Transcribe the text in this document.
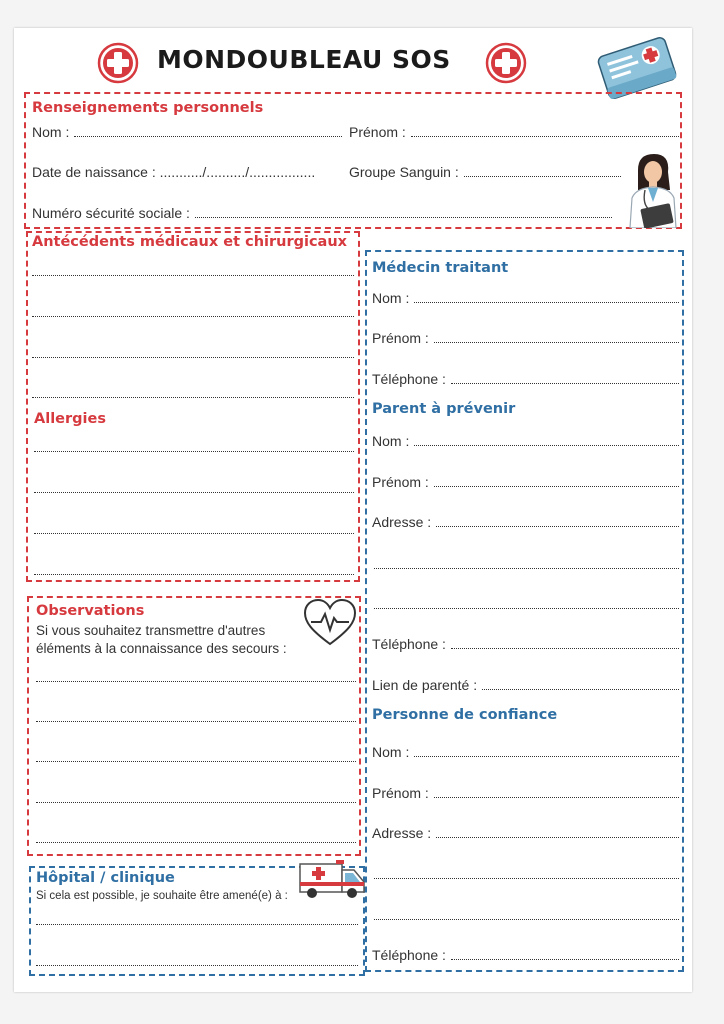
MONDOUBLEAU SOS
Renseignements personnels
Nom :	Prénom :
Date de naissance : .........../........../................. Groupe Sanguin :
Numéro sécurité sociale :
Antécédents médicaux et chirurgicaux
Allergies
Observations
Si vous souhaitez transmettre d'autres
éléments à la connaissance des secours :
Hôpital / clinique
Si cela est possible, je souhaite être amené(e) à :
Médecin traitant
Nom :
Prénom :
Téléphone :
Parent à prévenir
Nom :
Prénom :
Adresse :
Téléphone :
Lien de parenté :
Personne de confiance
Nom :
Prénom :
Adresse :
Téléphone :
